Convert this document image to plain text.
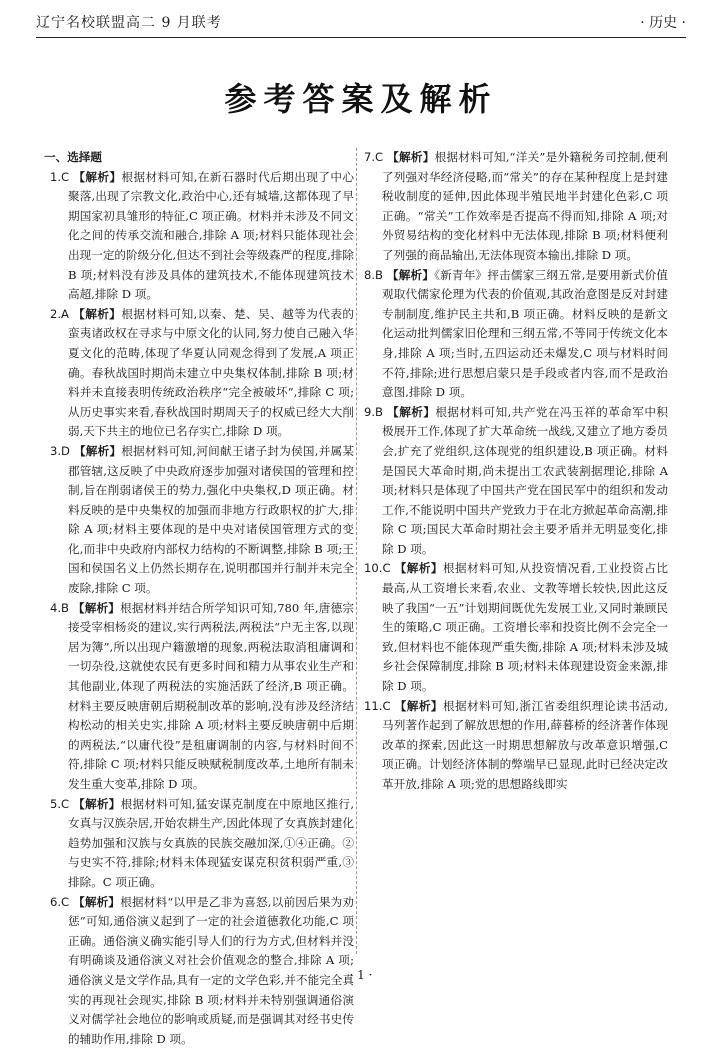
辽宁名校联盟高二 9 月联考	· 历史 ·
参考答案及解析
一、选择题

1.C 【解析】根据材料可知,在新石器时代后期出现了中心聚落,出现了宗教文化,政治中心,还有城墙,这都体现了早期国家初具雏形的特征,C 项正确。材料并未涉及不同文化之间的传承交流和融合,排除 A 项;材料只能体现社会出现一定的阶级分化,但达不到社会等级森严的程度,排除 B 项;材料没有涉及具体的建筑技术,不能体现建筑技术高超,排除 D 项。

2.A 【解析】根据材料可知,以秦、楚、吴、越等为代表的蛮夷诸政权在寻求与中原文化的认同,努力使自己融入华夏文化的范畴,体现了华夏认同观念得到了发展,A 项正确。春秋战国时期尚未建立中央集权体制,排除 B 项;材料并未直接表明传统政治秩序“完全被破坏”,排除 C 项;从历史事实来看,春秋战国时期周天子的权威已经大大削弱,天下共主的地位已名存实亡,排除 D 项。

3.D 【解析】根据材料可知,河间献王诸子封为侯国,并属某郡管辖,这反映了中央政府逐步加强对诸侯国的管理和控制,旨在削弱诸侯王的势力,强化中央集权,D 项正确。材料反映的是中央集权的加强而非地方行政职权的扩大,排除 A 项;材料主要体现的是中央对诸侯国管理方式的变化,而非中央政府内部权力结构的不断调整,排除 B 项;王国和侯国名义上仍然长期存在,说明郡国并行制并未完全废除,排除 C 项。

4.B 【解析】根据材料并结合所学知识可知,780 年,唐德宗接受宰相杨炎的建议,实行两税法,两税法“户无主客,以现居为簿”,所以出现户籍激增的现象,两税法取消租庸调和一切杂役,这就使农民有更多时间和精力从事农业生产和其他副业,体现了两税法的实施活跃了经济,B 项正确。材料主要反映唐朝后期税制改革的影响,没有涉及经济结构松动的相关史实,排除 A 项;材料主要反映唐朝中后期的两税法,“以庸代役”是租庸调制的内容,与材料时间不符,排除 C 项;材料只能反映赋税制度改革,土地所有制未发生重大变革,排除 D 项。

5.C 【解析】根据材料可知,猛安谋克制度在中原地区推行,女真与汉族杂居,开始农耕生产,因此体现了女真族封建化趋势加强和汉族与女真族的民族交融加深,①④正确。②与史实不符,排除;材料未体现猛安谋克积贫积弱严重,③排除。C 项正确。

6.C 【解析】根据材料“以甲是乙非为喜怒,以前因后果为劝惩”可知,通俗演义起到了一定的社会道德教化功能,C 项正确。通俗演义确实能引导人们的行为方式,但材料并没有明确谈及通俗演义对社会价值观念的整合,排除 A 项;通俗演义是文学作品,具有一定的文学色彩,并不能完全真实的再现社会现实,排除 B 项;材料并未特别强调通俗演义对儒学社会地位的影响或质疑,而是强调其对经书史传的辅助作用,排除 D 项。

7.C 【解析】根据材料可知,“洋关”是外籍税务司控制,便利了列强对华经济侵略,而“常关”的存在某种程度上是封建税收制度的延伸,因此体现半殖民地半封建化色彩,C 项正确。“常关”工作效率是否提高不得而知,排除 A 项;对外贸易结构的变化材料中无法体现,排除 B 项;材料便利了列强的商品输出,无法体现资本输出,排除 D 项。

8.B 【解析】《新青年》抨击儒家三纲五常,是要用新式价值观取代儒家伦理为代表的价值观,其政治意图是反对封建专制制度,维护民主共和,B 项正确。材料反映的是新文化运动批判儒家旧伦理和三纲五常,不等同于传统文化本身,排除 A 项;当时,五四运动还未爆发,C 项与材料时间不符,排除;进行思想启蒙只是手段或者内容,而不是政治意图,排除 D 项。

9.B 【解析】根据材料可知,共产党在冯玉祥的革命军中积极展开工作,体现了扩大革命统一战线,又建立了地方委员会,扩充了党组织,这体现党的组织建设,B 项正确。材料是国民大革命时期,尚未提出工农武装割据理论,排除 A 项;材料只是体现了中国共产党在国民军中的组织和发动工作,不能说明中国共产党致力于在北方掀起革命高潮,排除 C 项;国民大革命时期社会主要矛盾并无明显变化,排除 D 项。

10.C 【解析】根据材料可知,从投资情况看,工业投资占比最高,从工资增长来看,农业、文教等增长较快,因此这反映了我国“一五”计划期间既优先发展工业,又同时兼顾民生的策略,C 项正确。工资增长率和投资比例不会完全一致,但材料也不能体现严重失衡,排除 A 项;材料未涉及城乡社会保障制度,排除 B 项;材料未体现建设资金来源,排除 D 项。

11.C 【解析】根据材料可知,浙江省委组织理论读书活动,马列著作起到了解放思想的作用,薛暮桥的经济著作体现改革的探索,因此这一时期思想解放与改革意识增强,C 项正确。计划经济体制的弊端早已显现,此时已经决定改革开放,排除 A 项;党的思想路线即实

· 1 ·
